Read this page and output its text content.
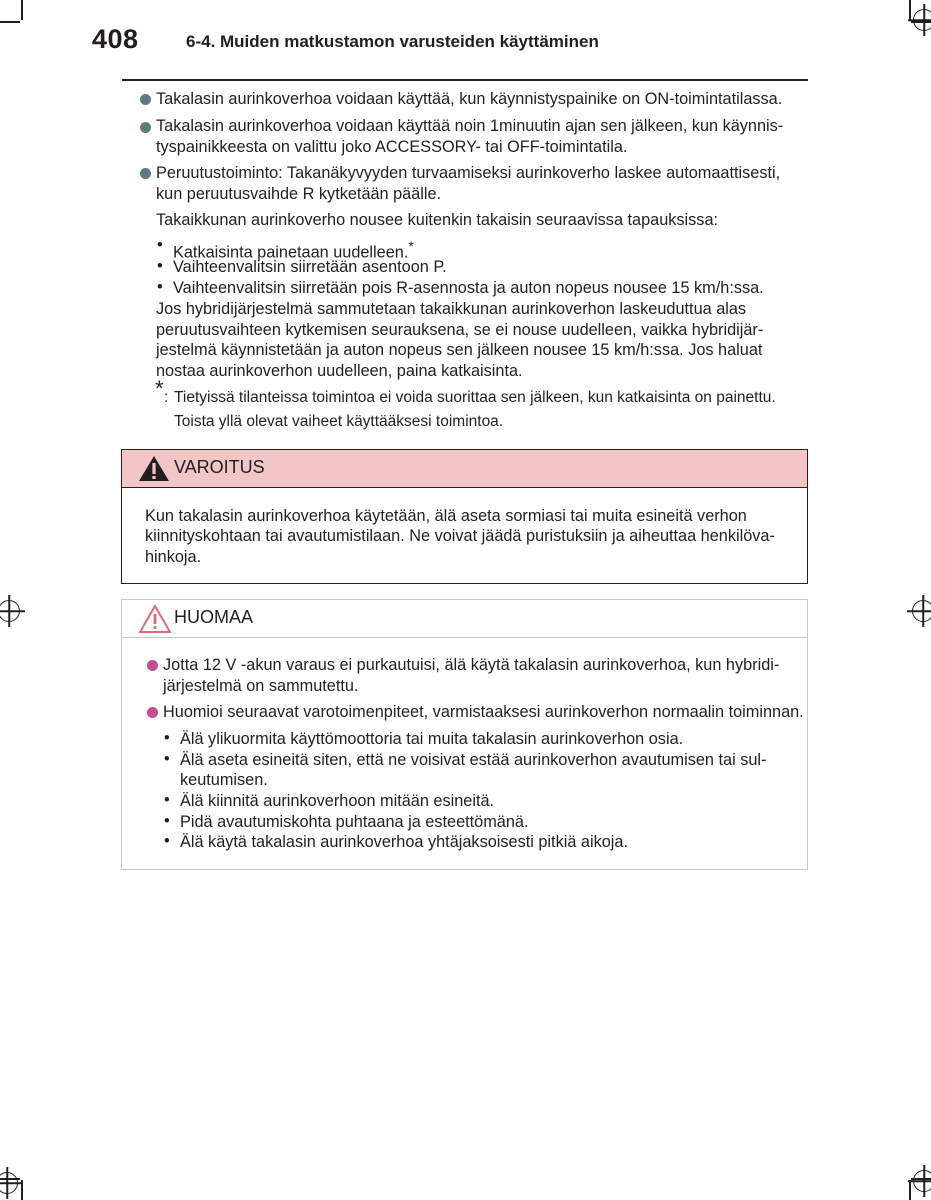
408	6-4. Muiden matkustamon varusteiden käyttäminen
Takalasin aurinkoverhoa voidaan käyttää, kun käynnistyspainike on ON-toimintatilassa.
Takalasin aurinkoverhoa voidaan käyttää noin 1minuutin ajan sen jälkeen, kun käynnis-
tyspainikkeesta on valittu joko ACCESSORY- tai OFF-toimintatila.
Peruutustoiminto: Takanäkyvyyden turvaamiseksi aurinkoverho laskee automaattisesti,
kun peruutusvaihde R kytketään päälle.
Takaikkunan aurinkoverho nousee kuitenkin takaisin seuraavissa tapauksissa:
• Katkaisinta painetaan uudelleen.*
• Vaihteenvalitsin siirretään asentoon P.
• Vaihteenvalitsin siirretään pois R-asennosta ja auton nopeus nousee 15 km/h:ssa.
Jos hybridijärjestelmä sammutetaan takaikkunan aurinkoverhon laskeuduttua alas
peruutusvaihteen kytkemisen seurauksena, se ei nouse uudelleen, vaikka hybridijär-
jestelmä käynnistetään ja auton nopeus sen jälkeen nousee 15 km/h:ssa. Jos haluat
nostaa aurinkoverhon uudelleen, paina katkaisinta.
* : Tietyissä tilanteissa toimintoa ei voida suorittaa sen jälkeen, kun katkaisinta on painettu.
Toista yllä olevat vaiheet käyttääksesi toimintoa.
VAROITUS
Kun takalasin aurinkoverhoa käytetään, älä aseta sormiasi tai muita esineitä verhon
kiinnityskohtaan tai avautumistilaan. Ne voivat jäädä puristuksiin ja aiheuttaa henkilöva-
hinkoja.
HUOMAA
Jotta 12 V -akun varaus ei purkautuisi, älä käytä takalasin aurinkoverhoa, kun hybridi-
järjestelmä on sammutettu.
Huomioi seuraavat varotoimenpiteet, varmistaaksesi aurinkoverhon normaalin toiminnan.
• Älä ylikuormita käyttömoottoria tai muita takalasin aurinkoverhon osia.
• Älä aseta esineitä siten, että ne voisivat estää aurinkoverhon avautumisen tai sul-
keutumisen.
• Älä kiinnitä aurinkoverhoon mitään esineitä.
• Pidä avautumiskohta puhtaana ja esteettömänä.
• Älä käytä takalasin aurinkoverhoa yhtäjaksoisesti pitkiä aikoja.
